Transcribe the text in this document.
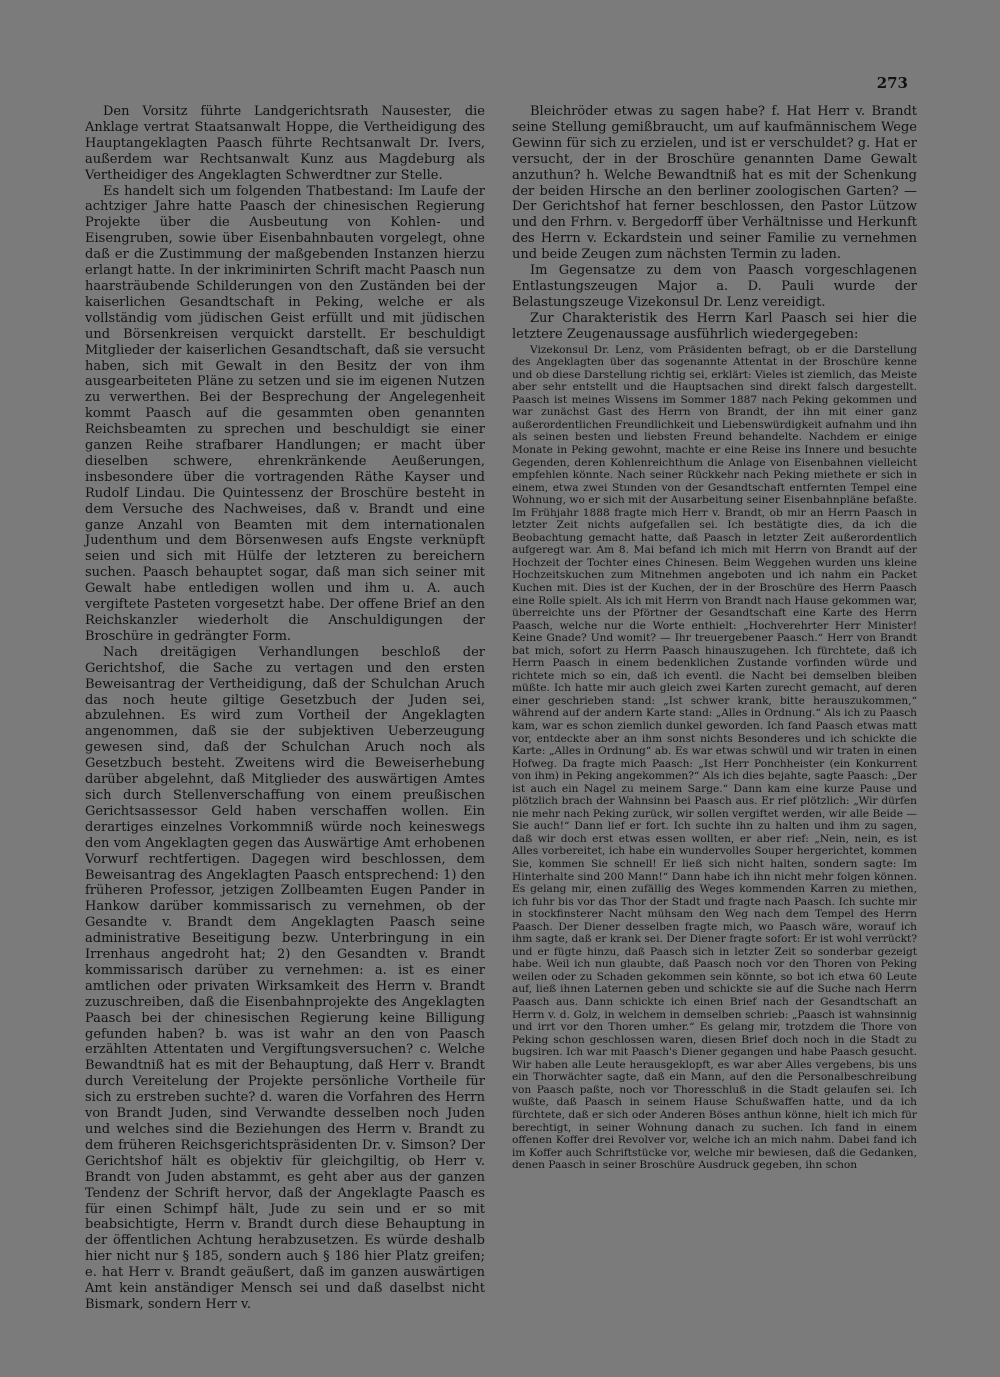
273

Den Vorsitz führte Landgerichtsrath Nausester, die Anklage vertrat Staatsanwalt Hoppe, die Vertheidigung des Hauptangeklagten Paasch führte Rechtsanwalt Dr. Ivers, außerdem war Rechtsanwalt Kunz aus Magdeburg als Vertheidiger des Angeklagten Schwerdtner zur Stelle.

Es handelt sich um folgenden Thatbestand: Im Laufe der achtziger Jahre hatte Paasch der chinesischen Regierung Projekte über die Ausbeutung von Kohlen- und Eisengruben, sowie über Eisenbahnbauten vorgelegt, ohne daß er die Zustimmung der maßgebenden Instanzen hierzu erlangt hatte. In der inkriminirten Schrift macht Paasch nun haarsträubende Schilderungen von den Zuständen bei der kaiserlichen Gesandtschaft in Peking, welche er als vollständig vom jüdischen Geist erfüllt und mit jüdischen und Börsenkreisen verquickt darstellt. Er beschuldigt Mitglieder der kaiserlichen Gesandtschaft, daß sie versucht haben, sich mit Gewalt in den Besitz der von ihm ausgearbeiteten Pläne zu setzen und sie im eigenen Nutzen zu verwerthen. Bei der Besprechung der Angelegenheit kommt Paasch auf die gesammten oben genannten Reichsbeamten zu sprechen und beschuldigt sie einer ganzen Reihe strafbarer Handlungen; er macht über dieselben schwere, ehrenkränkende Aeußerungen, insbesondere über die vortragenden Räthe Kayser und Rudolf Lindau. Die Quintessenz der Broschüre besteht in dem Versuche des Nachweises, daß v. Brandt und eine ganze Anzahl von Beamten mit dem internationalen Judenthum und dem Börsenwesen aufs Engste verknüpft seien und sich mit Hülfe der letzteren zu bereichern suchen. Paasch behauptet sogar, daß man sich seiner mit Gewalt habe entledigen wollen und ihm u. A. auch vergiftete Pasteten vorgesetzt habe. Der offene Brief an den Reichskanzler wiederholt die Anschuldigungen der Broschüre in gedrängter Form.

Nach dreitägigen Verhandlungen beschloß der Gerichtshof, die Sache zu vertagen und den ersten Beweisantrag der Vertheidigung, daß der Schulchan Aruch das noch heute giltige Gesetzbuch der Juden sei, abzulehnen. Es wird zum Vortheil der Angeklagten angenommen, daß sie der subjektiven Ueberzeugung gewesen sind, daß der Schulchan Aruch noch als Gesetzbuch besteht. Zweitens wird die Beweiserhebung darüber abgelehnt, daß Mitglieder des auswärtigen Amtes sich durch Stellenverschaffung von einem preußischen Gerichtsassessor Geld haben verschaffen wollen. Ein derartiges einzelnes Vorkommniß würde noch keineswegs den vom Angeklagten gegen das Auswärtige Amt erhobenen Vorwurf rechtfertigen. Dagegen wird beschlossen, dem Beweisantrag des Angeklagten Paasch entsprechend: 1) den früheren Professor, jetzigen Zollbeamten Eugen Pander in Hankow darüber kommissarisch zu vernehmen, ob der Gesandte v. Brandt dem Angeklagten Paasch seine administrative Beseitigung bezw. Unterbringung in ein Irrenhaus angedroht hat; 2) den Gesandten v. Brandt kommissarisch darüber zu vernehmen: a. ist es einer amtlichen oder privaten Wirksamkeit des Herrn v. Brandt zuzuschreiben, daß die Eisenbahnprojekte des Angeklagten Paasch bei der chinesischen Regierung keine Billigung gefunden haben? b. was ist wahr an den von Paasch erzählten Attentaten und Vergiftungsversuchen? c. Welche Bewandtniß hat es mit der Behauptung, daß Herr v. Brandt durch Vereitelung der Projekte persönliche Vortheile für sich zu erstreben suchte? d. waren die Vorfahren des Herrn von Brandt Juden, sind Verwandte desselben noch Juden und welches sind die Beziehungen des Herrn v. Brandt zu dem früheren Reichsgerichtspräsidenten Dr. v. Simson? Der Gerichtshof hält es objektiv für gleichgiltig, ob Herr v. Brandt von Juden abstammt, es geht aber aus der ganzen Tendenz der Schrift hervor, daß der Angeklagte Paasch es für einen Schimpf hält, Jude zu sein und er so mit beabsichtigte, Herrn v. Brandt durch diese Behauptung in der öffentlichen Achtung herabzusetzen. Es würde deshalb hier nicht nur § 185, sondern auch § 186 hier Platz greifen; e. hat Herr v. Brandt geäußert, daß im ganzen auswärtigen Amt kein anständiger Mensch sei und daß daselbst nicht Bismark, sondern Herr v.

Bleichröder etwas zu sagen habe? f. Hat Herr v. Brandt seine Stellung gemißbraucht, um auf kaufmännischem Wege Gewinn für sich zu erzielen, und ist er verschuldet? g. Hat er versucht, der in der Broschüre genannten Dame Gewalt anzuthun? h. Welche Bewandtniß hat es mit der Schenkung der beiden Hirsche an den berliner zoologischen Garten? — Der Gerichtshof hat ferner beschlossen, den Pastor Lützow und den Frhrn. v. Bergedorff über Verhältnisse und Herkunft des Herrn v. Eckardstein und seiner Familie zu vernehmen und beide Zeugen zum nächsten Termin zu laden.

Im Gegensatze zu dem von Paasch vorgeschlagenen Entlastungszeugen Major a. D. Pauli wurde der Belastungszeuge Vizekonsul Dr. Lenz vereidigt.

Zur Charakteristik des Herrn Karl Paasch sei hier die letztere Zeugenaussage ausführlich wiedergegeben:

Vizekonsul Dr. Lenz, vom Präsidenten befragt, ob er die Darstellung des Angeklagten über das sogenannte Attentat in der Broschüre kenne und ob diese Darstellung richtig sei, erklärt: Vieles ist ziemlich, das Meiste aber sehr entstellt und die Hauptsachen sind direkt falsch dargestellt. Paasch ist meines Wissens im Sommer 1887 nach Peking gekommen und war zunächst Gast des Herrn von Brandt, der ihn mit einer ganz außerordentlichen Freundlichkeit und Liebenswürdigkeit aufnahm und ihn als seinen besten und liebsten Freund behandelte. Nachdem er einige Monate in Peking gewohnt, machte er eine Reise ins Innere und besuchte Gegenden, deren Kohlenreichthum die Anlage von Eisenbahnen vielleicht empfehlen könnte. Nach seiner Rückkehr nach Peking miethete er sich in einem, etwa zwei Stunden von der Gesandtschaft entfernten Tempel eine Wohnung, wo er sich mit der Ausarbeitung seiner Eisenbahnpläne befaßte. Im Frühjahr 1888 fragte mich Herr v. Brandt, ob mir an Herrn Paasch in letzter Zeit nichts aufgefallen sei. Ich bestätigte dies, da ich die Beobachtung gemacht hatte, daß Paasch in letzter Zeit außerordentlich aufgeregt war. Am 8. Mai befand ich mich mit Herrn von Brandt auf der Hochzeit der Tochter eines Chinesen. Beim Weggehen wurden uns kleine Hochzeitskuchen zum Mitnehmen angeboten und ich nahm ein Packet Kuchen mit. Dies ist der Kuchen, der in der Broschüre des Herrn Paasch eine Rolle spielt. Als ich mit Herrn von Brandt nach Hause gekommen war, überreichte uns der Pförtner der Gesandtschaft eine Karte des Herrn Paasch, welche nur die Worte enthielt: „Hochverehrter Herr Minister! Keine Gnade? Und womit? — Ihr treuergebener Paasch.“ Herr von Brandt bat mich, sofort zu Herrn Paasch hinauszugehen. Ich fürchtete, daß ich Herrn Paasch in einem bedenklichen Zustande vorfinden würde und richtete mich so ein, daß ich eventl. die Nacht bei demselben bleiben müßte. Ich hatte mir auch gleich zwei Karten zurecht gemacht, auf deren einer geschrieben stand: „Ist schwer krank, bitte herauszukommen,“ während auf der andern Karte stand: „Alles in Ordnung.“ Als ich zu Paasch kam, war es schon ziemlich dunkel geworden. Ich fand Paasch etwas matt vor, entdeckte aber an ihm sonst nichts Besonderes und ich schickte die Karte: „Alles in Ordnung“ ab. Es war etwas schwül und wir traten in einen Hofweg. Da fragte mich Paasch: „Ist Herr Ponchheister (ein Konkurrent von ihm) in Peking angekommen?“ Als ich dies bejahte, sagte Paasch: „Der ist auch ein Nagel zu meinem Sarge.“ Dann kam eine kurze Pause und plötzlich brach der Wahnsinn bei Paasch aus. Er rief plötzlich: „Wir dürfen nie mehr nach Peking zurück, wir sollen vergiftet werden, wir alle Beide — Sie auch!“ Dann lief er fort. Ich suchte ihn zu halten und ihm zu sagen, daß wir doch erst etwas essen wollten, er aber rief: „Nein, nein, es ist Alles vorbereitet, ich habe ein wundervolles Souper hergerichtet, kommen Sie, kommen Sie schnell! Er ließ sich nicht halten, sondern sagte: Im Hinterhalte sind 200 Mann!“ Dann habe ich ihn nicht mehr folgen können. Es gelang mir, einen zufällig des Weges kommenden Karren zu miethen, ich fuhr bis vor das Thor der Stadt und fragte nach Paasch. Ich suchte mir in stockfinsterer Nacht mühsam den Weg nach dem Tempel des Herrn Paasch. Der Diener desselben fragte mich, wo Paasch wäre, worauf ich ihm sagte, daß er krank sei. Der Diener fragte sofort: Er ist wohl verrückt? und er fügte hinzu, daß Paasch sich in letzter Zeit so sonderbar gezeigt habe. Weil ich nun glaubte, daß Paasch noch vor den Thoren von Peking weilen oder zu Schaden gekommen sein könnte, so bot ich etwa 60 Leute auf, ließ ihnen Laternen geben und schickte sie auf die Suche nach Herrn Paasch aus. Dann schickte ich einen Brief nach der Gesandtschaft an Herrn v. d. Golz, in welchem in demselben schrieb: „Paasch ist wahnsinnig und irrt vor den Thoren umher.“ Es gelang mir, trotzdem die Thore von Peking schon geschlossen waren, diesen Brief doch noch in die Stadt zu bugsiren. Ich war mit Paasch's Diener gegangen und habe Paasch gesucht. Wir haben alle Leute herausgeklopft, es war aber Alles vergebens, bis uns ein Thorwächter sagte, daß ein Mann, auf den die Personalbeschreibung von Paasch paßte, noch vor Thoresschluß in die Stadt gelaufen sei. Ich wußte, daß Paasch in seinem Hause Schußwaffen hatte, und da ich fürchtete, daß er sich oder Anderen Böses anthun könne, hielt ich mich für berechtigt, in seiner Wohnung danach zu suchen. Ich fand in einem offenen Koffer drei Revolver vor, welche ich an mich nahm. Dabei fand ich im Koffer auch Schriftstücke vor, welche mir bewiesen, daß die Gedanken, denen Paasch in seiner Broschüre Ausdruck gegeben, ihn schon
